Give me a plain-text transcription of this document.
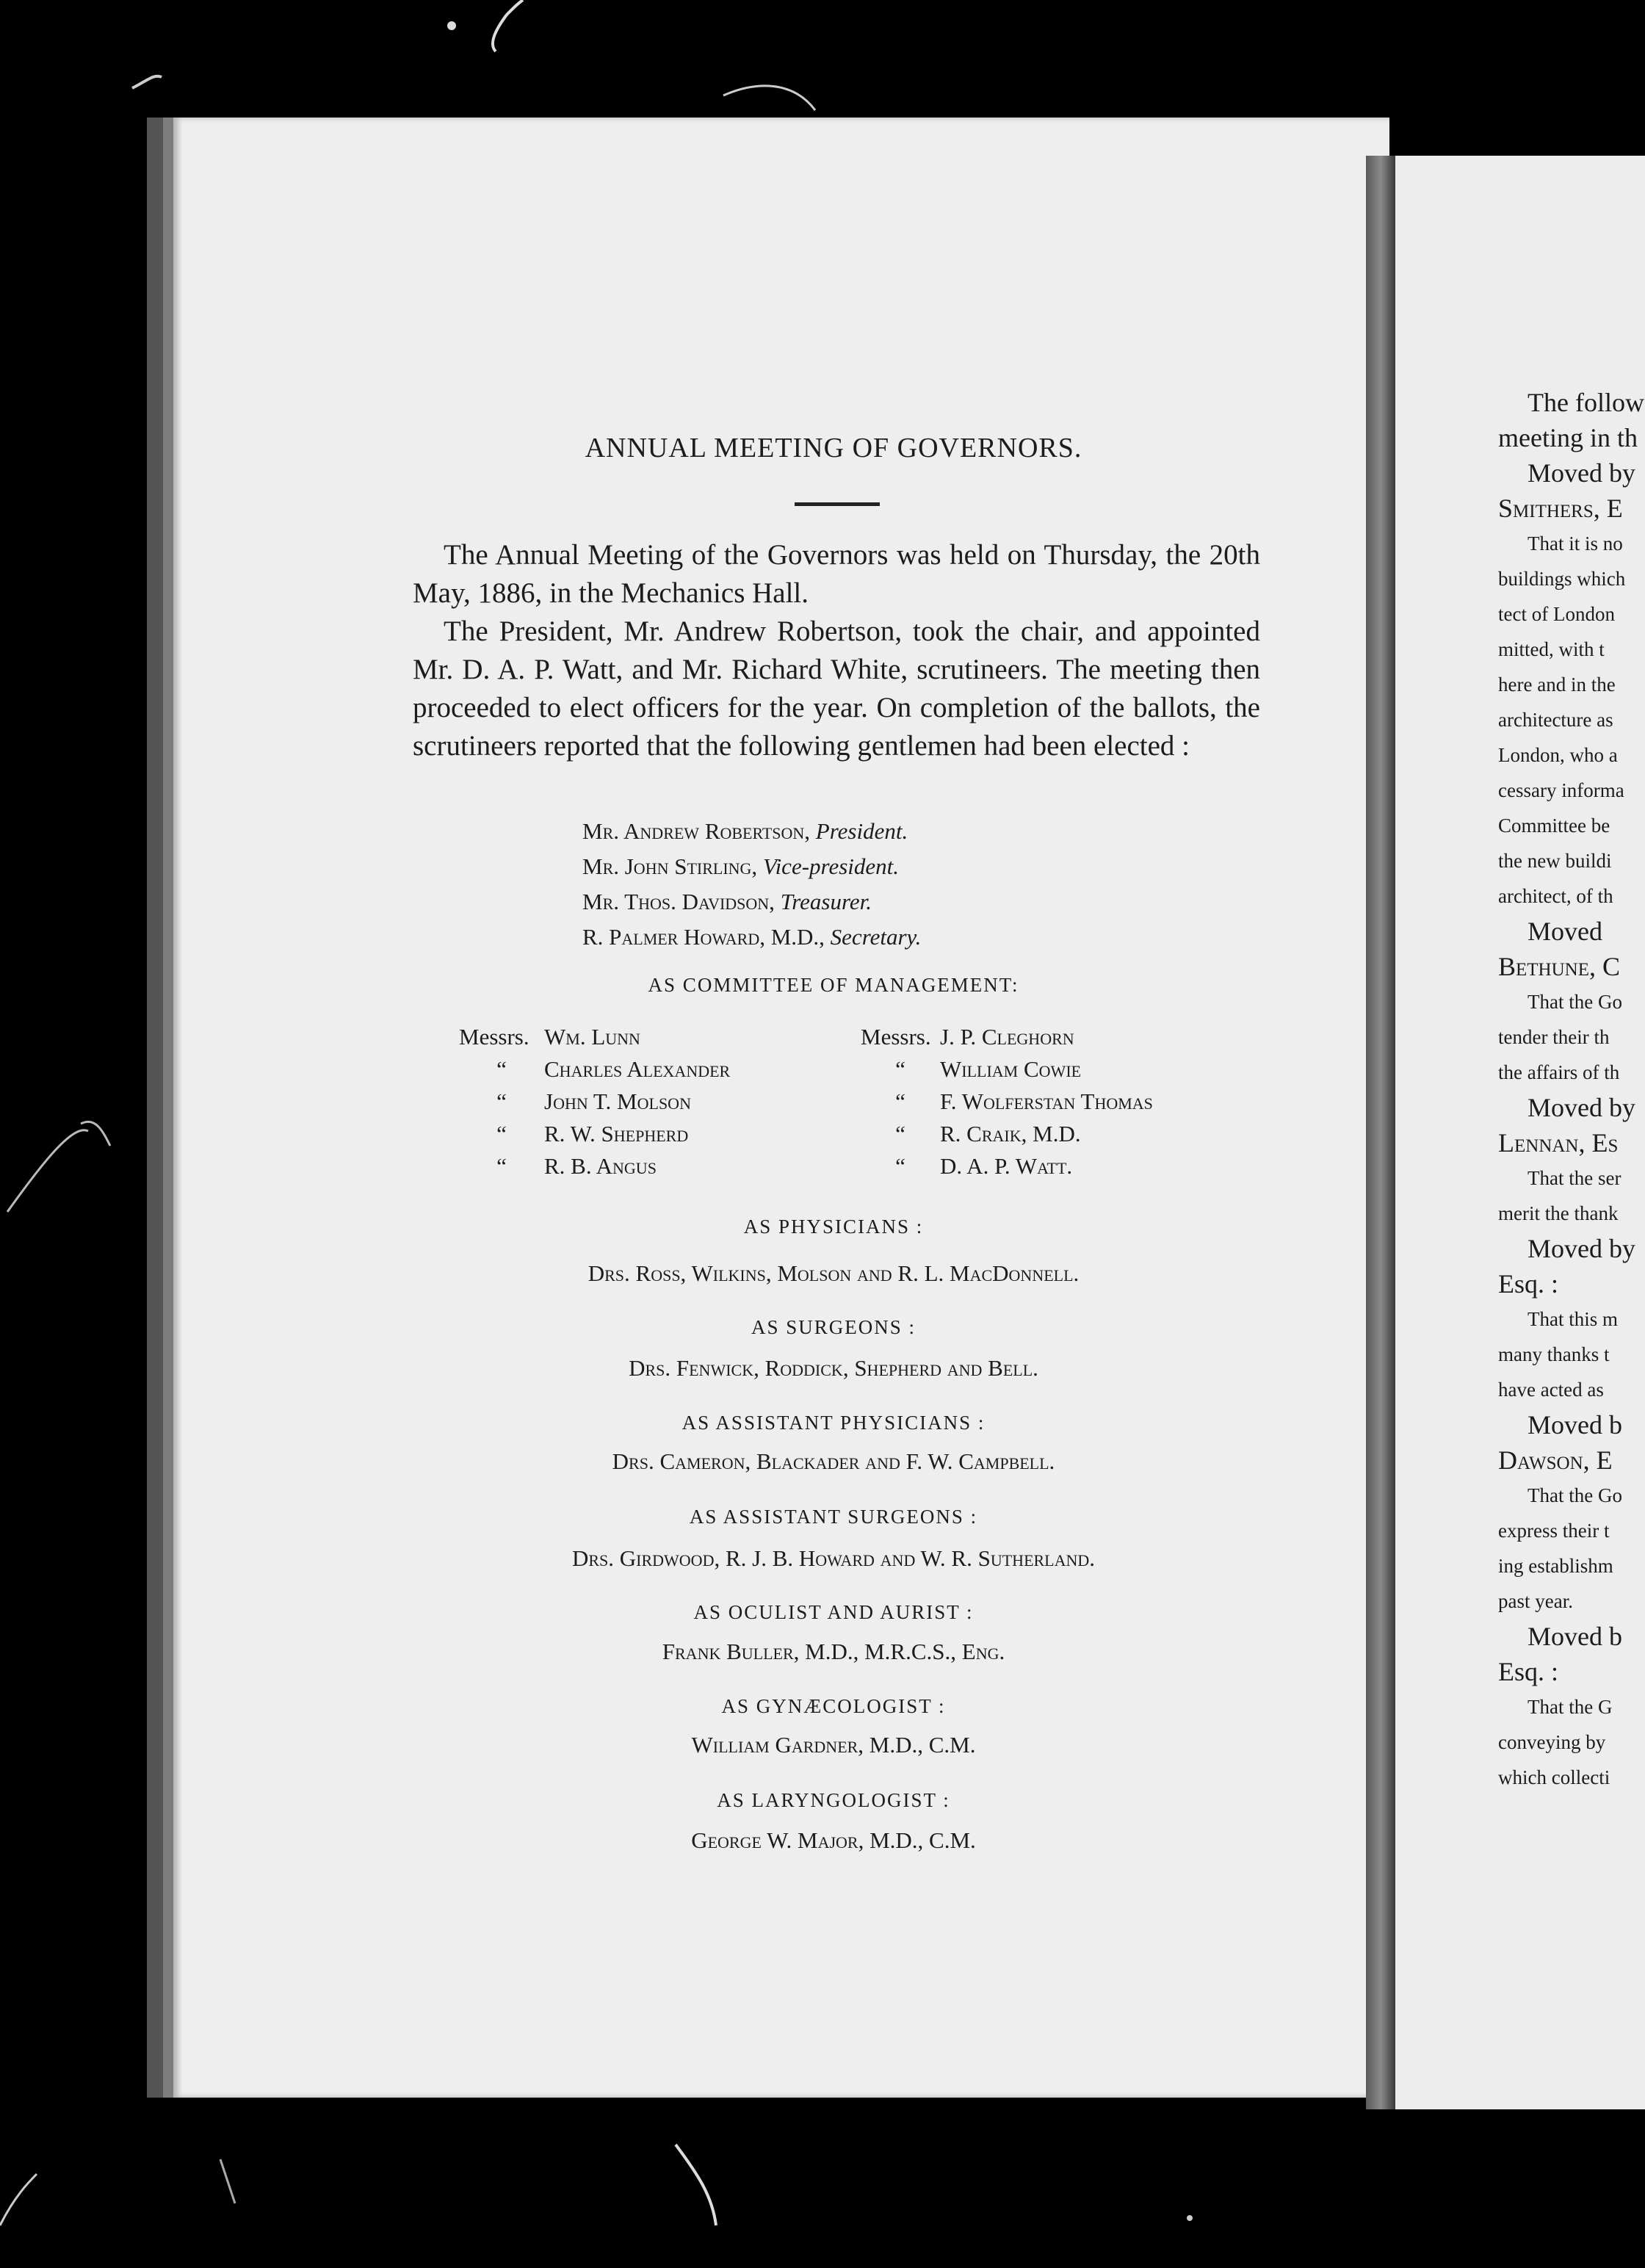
ANNUAL MEETING OF GOVERNORS.

The Annual Meeting of the Governors was held on Thursday, the 20th May, 1886, in the Mechanics Hall.

The President, Mr. Andrew Robertson, took the chair, and appointed Mr. D. A. P. Watt, and Mr. Richard White, scrutineers. The meeting then proceeded to elect officers for the year. On completion of the ballots, the scrutineers reported that the following gentlemen had been elected :

Mr. Andrew Robertson, President.
Mr. John Stirling, Vice-president.
Mr. Thos. Davidson, Treasurer.
R. Palmer Howard, M.D., Secretary.
AS COMMITTEE OF MANAGEMENT:
Messrs. Wm. Lunn
“	Charles Alexander
“	John T. Molson
“	R. W. Shepherd
“	R. B. Angus
Messrs. J. P. Cleghorn
“	William Cowie
“	F. Wolferstan Thomas
“	R. Craik, M.D.
“	D. A. P. Watt.
AS PHYSICIANS :
Drs. Ross, Wilkins, Molson and R. L. MacDonnell.
AS SURGEONS :
Drs. Fenwick, Roddick, Shepherd and Bell.
AS ASSISTANT PHYSICIANS :
Drs. Cameron, Blackader and F. W. Campbell.
AS ASSISTANT SURGEONS :
Drs. Girdwood, R. J. B. Howard and W. R. Sutherland.
AS OCULIST AND AURIST :
Frank Buller, M.D., M.R.C.S., Eng.
AS GYNÆCOLOGIST :
William Gardner, M.D., C.M.
AS LARYNGOLOGIST :
George W. Major, M.D., C.M.
The follow
meeting in th
Moved by
Smithers, E
That it is no
buildings which
tect of London
mitted, with t
here and in the
architecture as
London, who a
cessary informa
Committee be
the new buildi
architect, of th
Moved
Bethune, C
That the Go
tender their th
the affairs of th
Moved by
Lennan, Es
That the ser
merit the thank
Moved by
Esq. :
That this m
many thanks t
have acted as
Moved b
Dawson, E
That the Go
express their t
ing establishm
past year.
Moved b
Esq. :
That the G
conveying by
which collecti
